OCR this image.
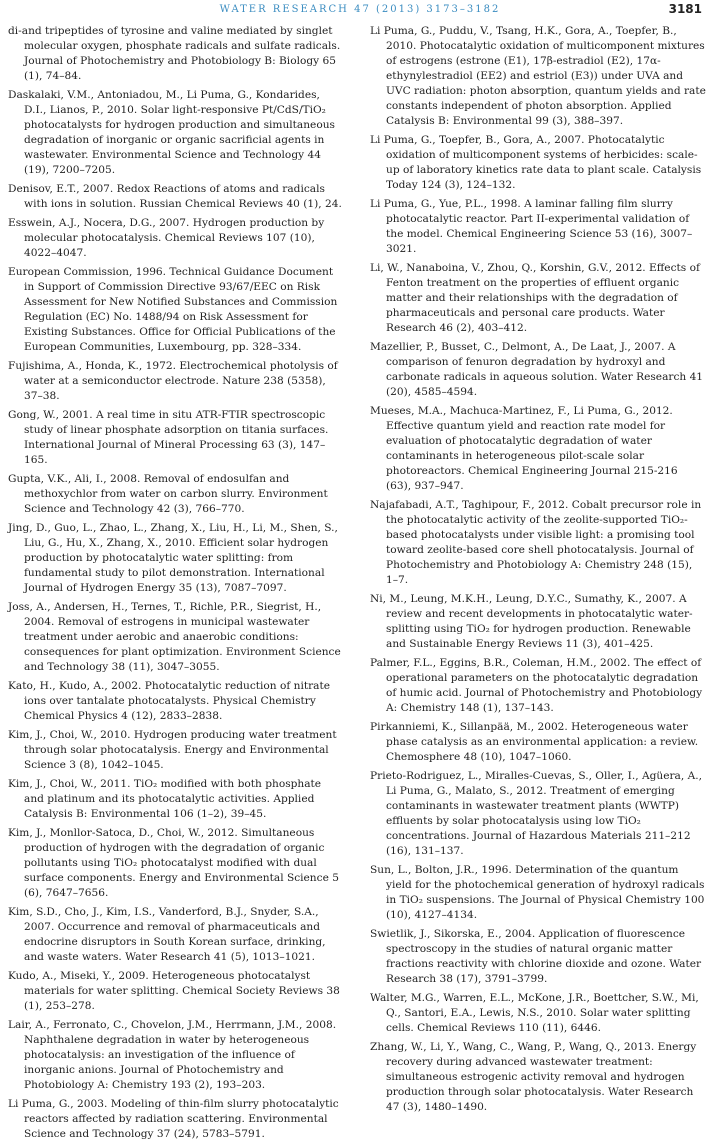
WATER RESEARCH 47 (2013) 3173–3182	3181

di-and tripeptides of tyrosine and valine mediated by singlet molecular oxygen, phosphate radicals and sulfate radicals. Journal of Photochemistry and Photobiology B: Biology 65 (1), 74–84.

Daskalaki, V.M., Antoniadou, M., Li Puma, G., Kondarides, D.I., Lianos, P., 2010. Solar light-responsive Pt/CdS/TiO₂ photocatalysts for hydrogen production and simultaneous degradation of inorganic or organic sacrificial agents in wastewater. Environmental Science and Technology 44 (19), 7200–7205.

Denisov, E.T., 2007. Redox Reactions of atoms and radicals with ions in solution. Russian Chemical Reviews 40 (1), 24.

Esswein, A.J., Nocera, D.G., 2007. Hydrogen production by molecular photocatalysis. Chemical Reviews 107 (10), 4022–4047.

European Commission, 1996. Technical Guidance Document in Support of Commission Directive 93/67/EEC on Risk Assessment for New Notified Substances and Commission Regulation (EC) No. 1488/94 on Risk Assessment for Existing Substances. Office for Official Publications of the European Communities, Luxembourg, pp. 328–334.

Fujishima, A., Honda, K., 1972. Electrochemical photolysis of water at a semiconductor electrode. Nature 238 (5358), 37–38.

Gong, W., 2001. A real time in situ ATR-FTIR spectroscopic study of linear phosphate adsorption on titania surfaces. International Journal of Mineral Processing 63 (3), 147–165.

Gupta, V.K., Ali, I., 2008. Removal of endosulfan and methoxychlor from water on carbon slurry. Environment Science and Technology 42 (3), 766–770.

Jing, D., Guo, L., Zhao, L., Zhang, X., Liu, H., Li, M., Shen, S., Liu, G., Hu, X., Zhang, X., 2010. Efficient solar hydrogen production by photocatalytic water splitting: from fundamental study to pilot demonstration. International Journal of Hydrogen Energy 35 (13), 7087–7097.

Joss, A., Andersen, H., Ternes, T., Richle, P.R., Siegrist, H., 2004. Removal of estrogens in municipal wastewater treatment under aerobic and anaerobic conditions: consequences for plant optimization. Environment Science and Technology 38 (11), 3047–3055.

Kato, H., Kudo, A., 2002. Photocatalytic reduction of nitrate ions over tantalate photocatalysts. Physical Chemistry Chemical Physics 4 (12), 2833–2838.

Kim, J., Choi, W., 2010. Hydrogen producing water treatment through solar photocatalysis. Energy and Environmental Science 3 (8), 1042–1045.

Kim, J., Choi, W., 2011. TiO₂ modified with both phosphate and platinum and its photocatalytic activities. Applied Catalysis B: Environmental 106 (1–2), 39–45.

Kim, J., Monllor-Satoca, D., Choi, W., 2012. Simultaneous production of hydrogen with the degradation of organic pollutants using TiO₂ photocatalyst modified with dual surface components. Energy and Environmental Science 5 (6), 7647–7656.

Kim, S.D., Cho, J., Kim, I.S., Vanderford, B.J., Snyder, S.A., 2007. Occurrence and removal of pharmaceuticals and endocrine disruptors in South Korean surface, drinking, and waste waters. Water Research 41 (5), 1013–1021.

Kudo, A., Miseki, Y., 2009. Heterogeneous photocatalyst materials for water splitting. Chemical Society Reviews 38 (1), 253–278.

Lair, A., Ferronato, C., Chovelon, J.M., Herrmann, J.M., 2008. Naphthalene degradation in water by heterogeneous photocatalysis: an investigation of the influence of inorganic anions. Journal of Photochemistry and Photobiology A: Chemistry 193 (2), 193–203.

Li Puma, G., 2003. Modeling of thin-film slurry photocatalytic reactors affected by radiation scattering. Environmental Science and Technology 37 (24), 5783–5791.

Li Puma, G., Puddu, V., Tsang, H.K., Gora, A., Toepfer, B., 2010. Photocatalytic oxidation of multicomponent mixtures of estrogens (estrone (E1), 17β-estradiol (E2), 17α-ethynylestradiol (EE2) and estriol (E3)) under UVA and UVC radiation: photon absorption, quantum yields and rate constants independent of photon absorption. Applied Catalysis B: Environmental 99 (3), 388–397.

Li Puma, G., Toepfer, B., Gora, A., 2007. Photocatalytic oxidation of multicomponent systems of herbicides: scale-up of laboratory kinetics rate data to plant scale. Catalysis Today 124 (3), 124–132.

Li Puma, G., Yue, P.L., 1998. A laminar falling film slurry photocatalytic reactor. Part II-experimental validation of the model. Chemical Engineering Science 53 (16), 3007–3021.

Li, W., Nanaboina, V., Zhou, Q., Korshin, G.V., 2012. Effects of Fenton treatment on the properties of effluent organic matter and their relationships with the degradation of pharmaceuticals and personal care products. Water Research 46 (2), 403–412.

Mazellier, P., Busset, C., Delmont, A., De Laat, J., 2007. A comparison of fenuron degradation by hydroxyl and carbonate radicals in aqueous solution. Water Research 41 (20), 4585–4594.

Mueses, M.A., Machuca-Martinez, F., Li Puma, G., 2012. Effective quantum yield and reaction rate model for evaluation of photocatalytic degradation of water contaminants in heterogeneous pilot-scale solar photoreactors. Chemical Engineering Journal 215-216 (63), 937–947.

Najafabadi, A.T., Taghipour, F., 2012. Cobalt precursor role in the photocatalytic activity of the zeolite-supported TiO₂-based photocatalysts under visible light: a promising tool toward zeolite-based core shell photocatalysis. Journal of Photochemistry and Photobiology A: Chemistry 248 (15), 1–7.

Ni, M., Leung, M.K.H., Leung, D.Y.C., Sumathy, K., 2007. A review and recent developments in photocatalytic water-splitting using TiO₂ for hydrogen production. Renewable and Sustainable Energy Reviews 11 (3), 401–425.

Palmer, F.L., Eggins, B.R., Coleman, H.M., 2002. The effect of operational parameters on the photocatalytic degradation of humic acid. Journal of Photochemistry and Photobiology A: Chemistry 148 (1), 137–143.

Pirkanniemi, K., Sillanpää, M., 2002. Heterogeneous water phase catalysis as an environmental application: a review. Chemosphere 48 (10), 1047–1060.

Prieto-Rodriguez, L., Miralles-Cuevas, S., Oller, I., Agüera, A., Li Puma, G., Malato, S., 2012. Treatment of emerging contaminants in wastewater treatment plants (WWTP) effluents by solar photocatalysis using low TiO₂ concentrations. Journal of Hazardous Materials 211–212 (16), 131–137.

Sun, L., Bolton, J.R., 1996. Determination of the quantum yield for the photochemical generation of hydroxyl radicals in TiO₂ suspensions. The Journal of Physical Chemistry 100 (10), 4127–4134.

Swietlik, J., Sikorska, E., 2004. Application of fluorescence spectroscopy in the studies of natural organic matter fractions reactivity with chlorine dioxide and ozone. Water Research 38 (17), 3791–3799.

Walter, M.G., Warren, E.L., McKone, J.R., Boettcher, S.W., Mi, Q., Santori, E.A., Lewis, N.S., 2010. Solar water splitting cells. Chemical Reviews 110 (11), 6446.

Zhang, W., Li, Y., Wang, C., Wang, P., Wang, Q., 2013. Energy recovery during advanced wastewater treatment: simultaneous estrogenic activity removal and hydrogen production through solar photocatalysis. Water Research 47 (3), 1480–1490.
